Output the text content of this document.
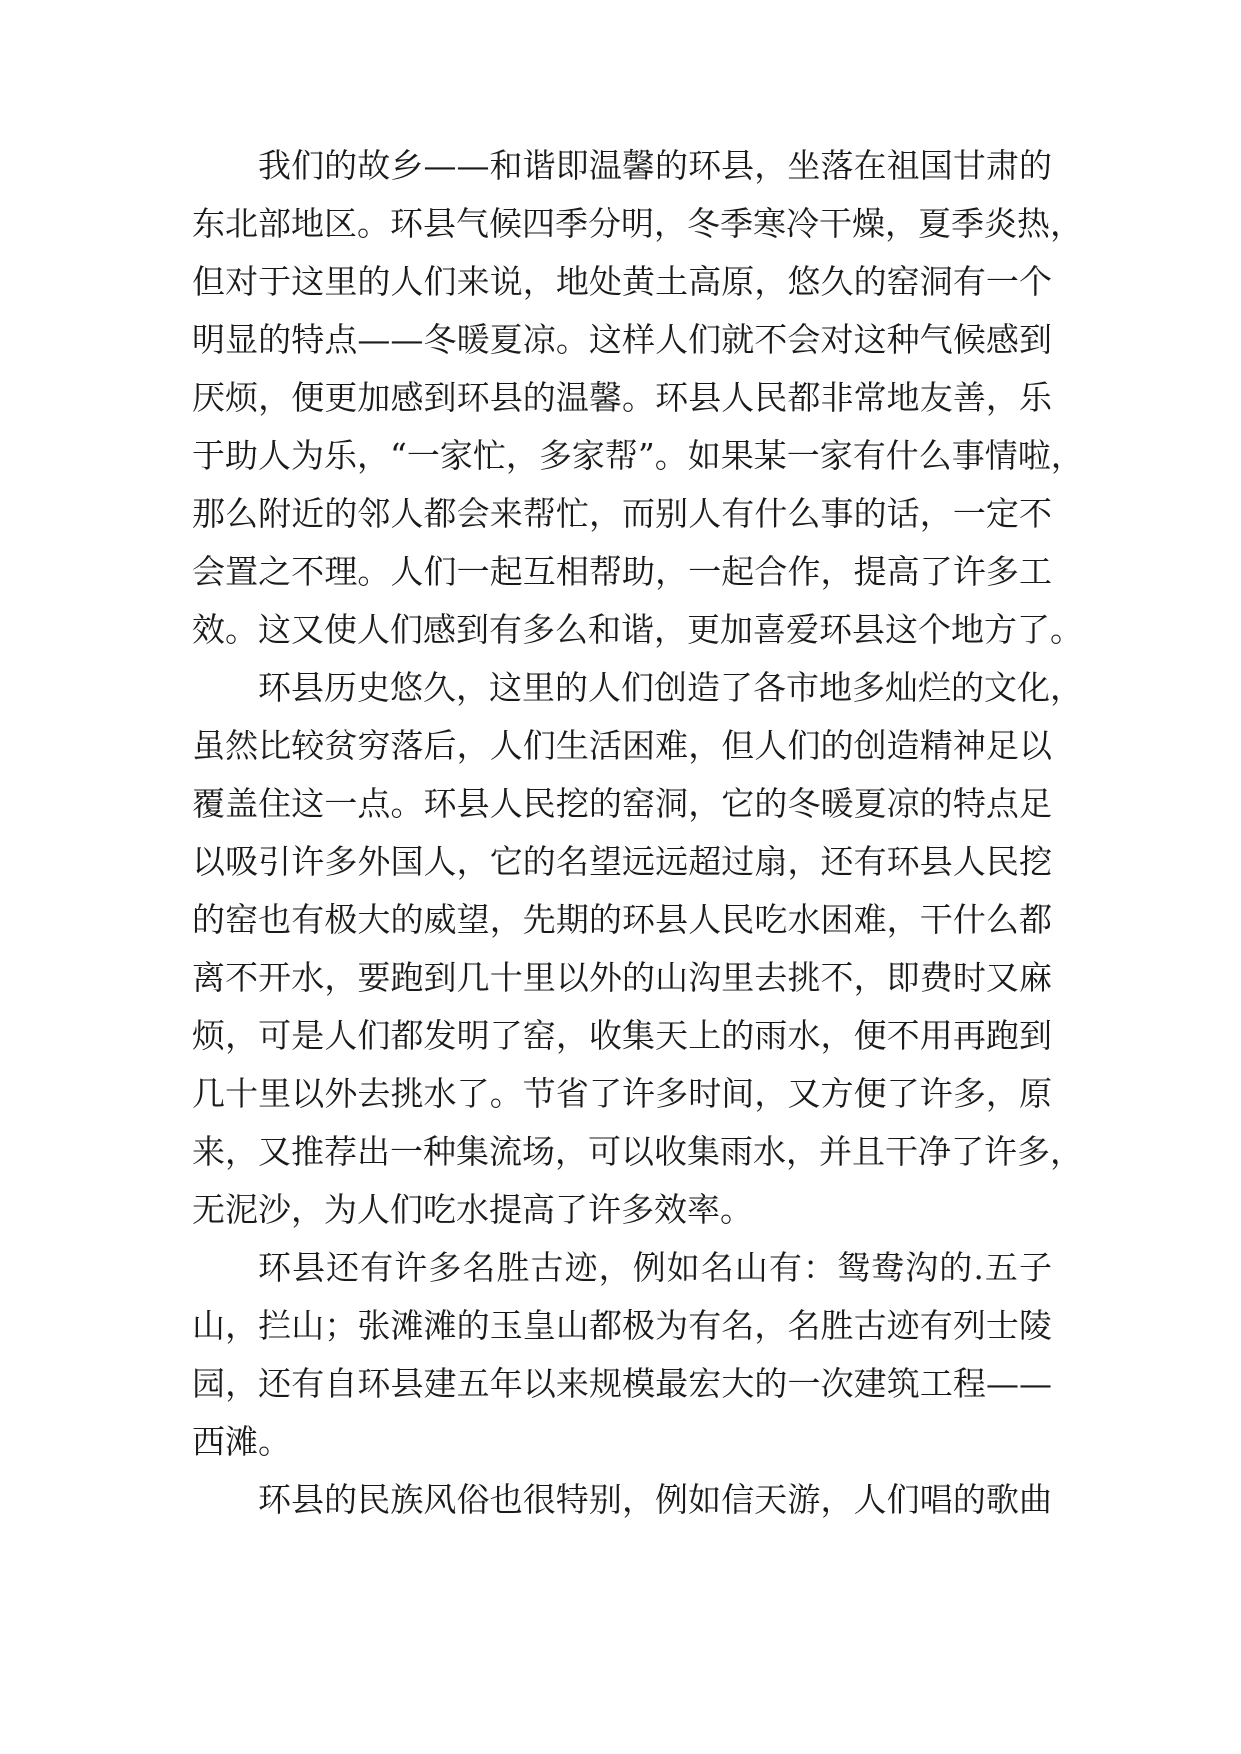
我们的故乡——和谐即温馨的环县，坐落在祖国甘肃的
东北部地区。环县气候四季分明，冬季寒冷干燥，夏季炎热，
但对于这里的人们来说，地处黄土高原，悠久的窑洞有一个
明显的特点——冬暖夏凉。这样人们就不会对这种气候感到
厌烦，便更加感到环县的温馨。环县人民都非常地友善，乐
于助人为乐，“一家忙，多家帮”。如果某一家有什么事情啦，
那么附近的邻人都会来帮忙，而别人有什么事的话，一定不
会置之不理。人们一起互相帮助，一起合作，提高了许多工
效。这又使人们感到有多么和谐，更加喜爱环县这个地方了。
环县历史悠久，这里的人们创造了各市地多灿烂的文化，
虽然比较贫穷落后，人们生活困难，但人们的创造精神足以
覆盖住这一点。环县人民挖的窑洞，它的冬暖夏凉的特点足
以吸引许多外国人，它的名望远远超过扇，还有环县人民挖
的窑也有极大的威望，先期的环县人民吃水困难，干什么都
离不开水，要跑到几十里以外的山沟里去挑不，即费时又麻
烦，可是人们都发明了窑，收集天上的雨水，便不用再跑到
几十里以外去挑水了。节省了许多时间，又方便了许多，原
来，又推荐出一种集流场，可以收集雨水，并且干净了许多，
无泥沙，为人们吃水提高了许多效率。
环县还有许多名胜古迹，例如名山有：鸳鸯沟的.五子
山，拦山；张滩滩的玉皇山都极为有名，名胜古迹有列士陵
园，还有自环县建五年以来规模最宏大的一次建筑工程——
西滩。
环县的民族风俗也很特别，例如信天游，人们唱的歌曲
